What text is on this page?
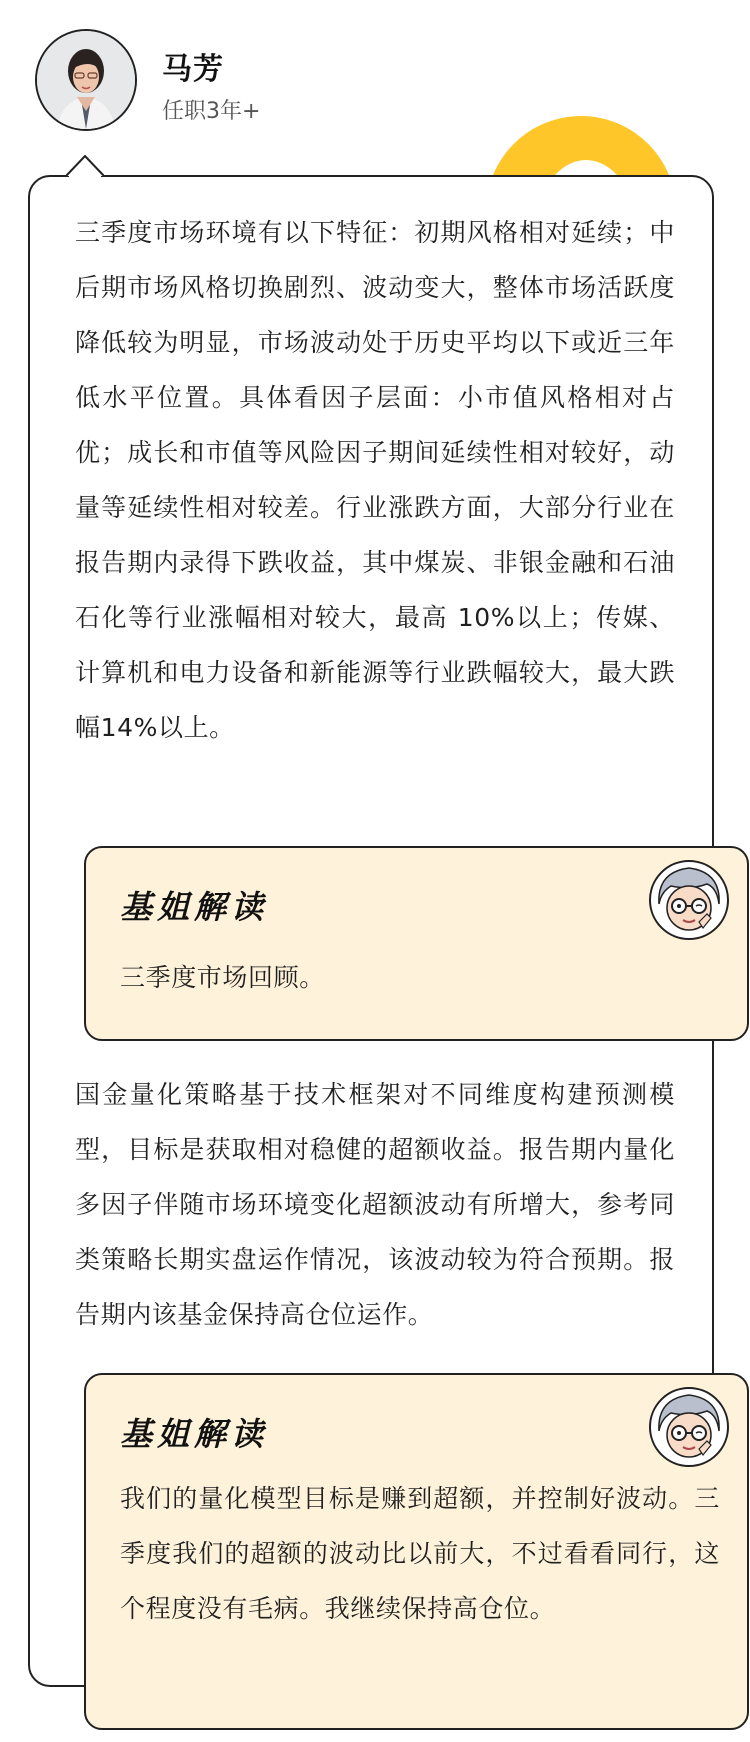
马芳
任职3年+

三季度市场环境有以下特征：初期风格相对延续；中后期市场风格切换剧烈、波动变大，整体市场活跃度降低较为明显，市场波动处于历史平均以下或近三年低水平位置。具体看因子层面：小市值风格相对占优；成长和市值等风险因子期间延续性相对较好，动量等延续性相对较差。行业涨跌方面，大部分行业在报告期内录得下跌收益，其中煤炭、非银金融和石油石化等行业涨幅相对较大，最高 10%以上；传媒、计算机和电力设备和新能源等行业跌幅较大，最大跌幅14%以上。

基姐解读

三季度市场回顾。

国金量化策略基于技术框架对不同维度构建预测模型，目标是获取相对稳健的超额收益。报告期内量化多因子伴随市场环境变化超额波动有所增大，参考同类策略长期实盘运作情况，该波动较为符合预期。报告期内该基金保持高仓位运作。

基姐解读

我们的量化模型目标是赚到超额，并控制好波动。三季度我们的超额的波动比以前大，不过看看同行，这个程度没有毛病。我继续保持高仓位。
